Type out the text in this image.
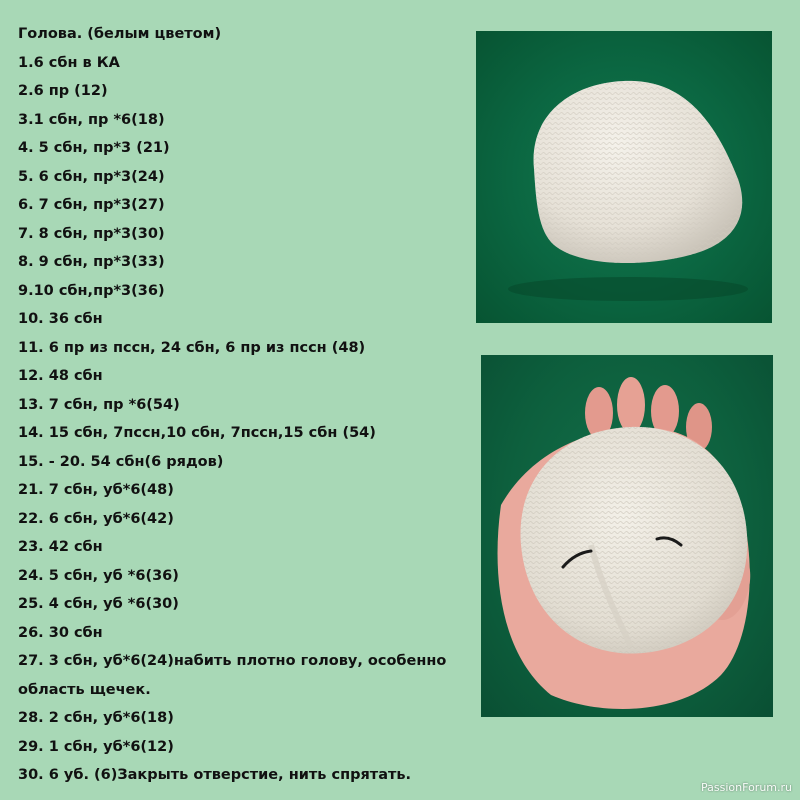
Голова. (белым цветом)
1.6 сбн в КА
2.6 пр (12)
3.1 сбн, пр *6(18)
4. 5 сбн, пр*3 (21)
5. 6 сбн, пр*3(24)
6. 7 сбн, пр*3(27)
7. 8 сбн, пр*3(30)
8. 9 сбн, пр*3(33)
9.10 сбн,пр*3(36)
10. 36 сбн
11. 6 пр из пссн, 24 сбн, 6 пр из пссн (48)
12. 48 сбн
13. 7 сбн, пр *6(54)
14. 15 сбн, 7пссн,10 сбн, 7пссн,15 сбн (54)
15. - 20. 54 сбн(6 рядов)
21. 7 сбн, уб*6(48)
22. 6 сбн, уб*6(42)
23. 42 сбн
24. 5 сбн, уб *6(36)
25. 4 сбн, уб *6(30)
26. 30 сбн
27. 3 сбн, уб*6(24)набить плотно голову, особенно
область щечек.
28. 2 сбн, уб*6(18)
29. 1 сбн, уб*6(12)
30. 6 уб. (6)Закрыть отверстие, нить спрятать.
PassionForum.ru
